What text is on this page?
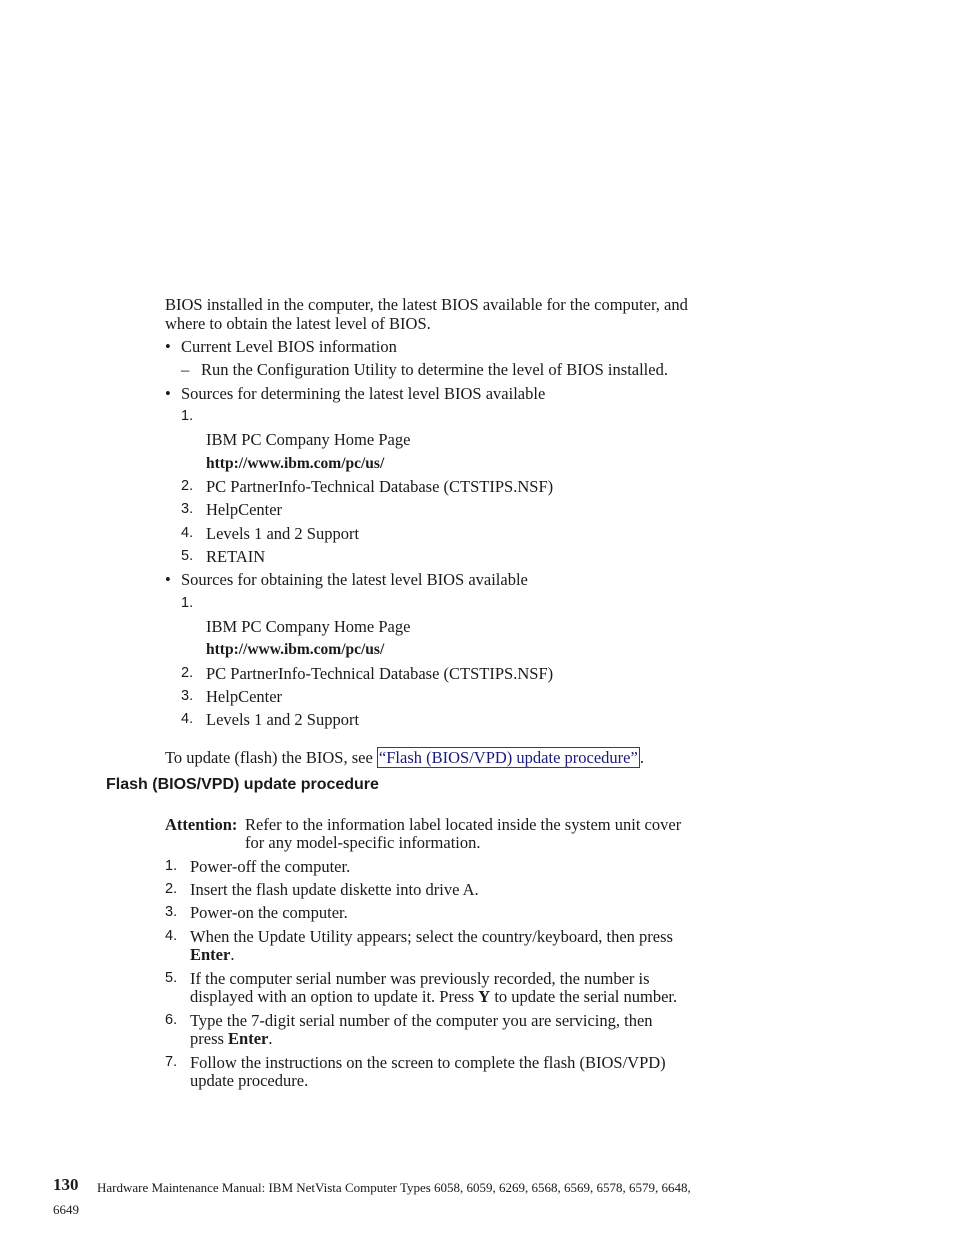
BIOS installed in the computer, the latest BIOS available for the computer, and
where to obtain the latest level of BIOS.
• Current Level BIOS information
– Run the Configuration Utility to determine the level of BIOS installed.
• Sources for determining the latest level BIOS available
1.
IBM PC Company Home Page
http://www.ibm.com/pc/us/
2. PC PartnerInfo-Technical Database (CTSTIPS.NSF)
3. HelpCenter
4. Levels 1 and 2 Support
5. RETAIN
• Sources for obtaining the latest level BIOS available
1.
IBM PC Company Home Page
http://www.ibm.com/pc/us/
2. PC PartnerInfo-Technical Database (CTSTIPS.NSF)
3. HelpCenter
4. Levels 1 and 2 Support
To update (flash) the BIOS, see “Flash (BIOS/VPD) update procedure” .
Flash (BIOS/VPD) update procedure
Attention: Refer to the information label located inside the system unit cover
for any model-specific information.
1. Power-off the computer.
2. Insert the flash update diskette into drive A.
3. Power-on the computer.
4. When the Update Utility appears; select the country/keyboard, then press
Enter.
5. If the computer serial number was previously recorded, the number is
displayed with an option to update it. Press Y to update the serial number.
6. Type the 7-digit serial number of the computer you are servicing, then
press Enter.
7. Follow the instructions on the screen to complete the flash (BIOS/VPD)
update procedure.
130 Hardware Maintenance Manual: IBM NetVista Computer Types 6058, 6059, 6269, 6568, 6569, 6578, 6579, 6648,
6649
